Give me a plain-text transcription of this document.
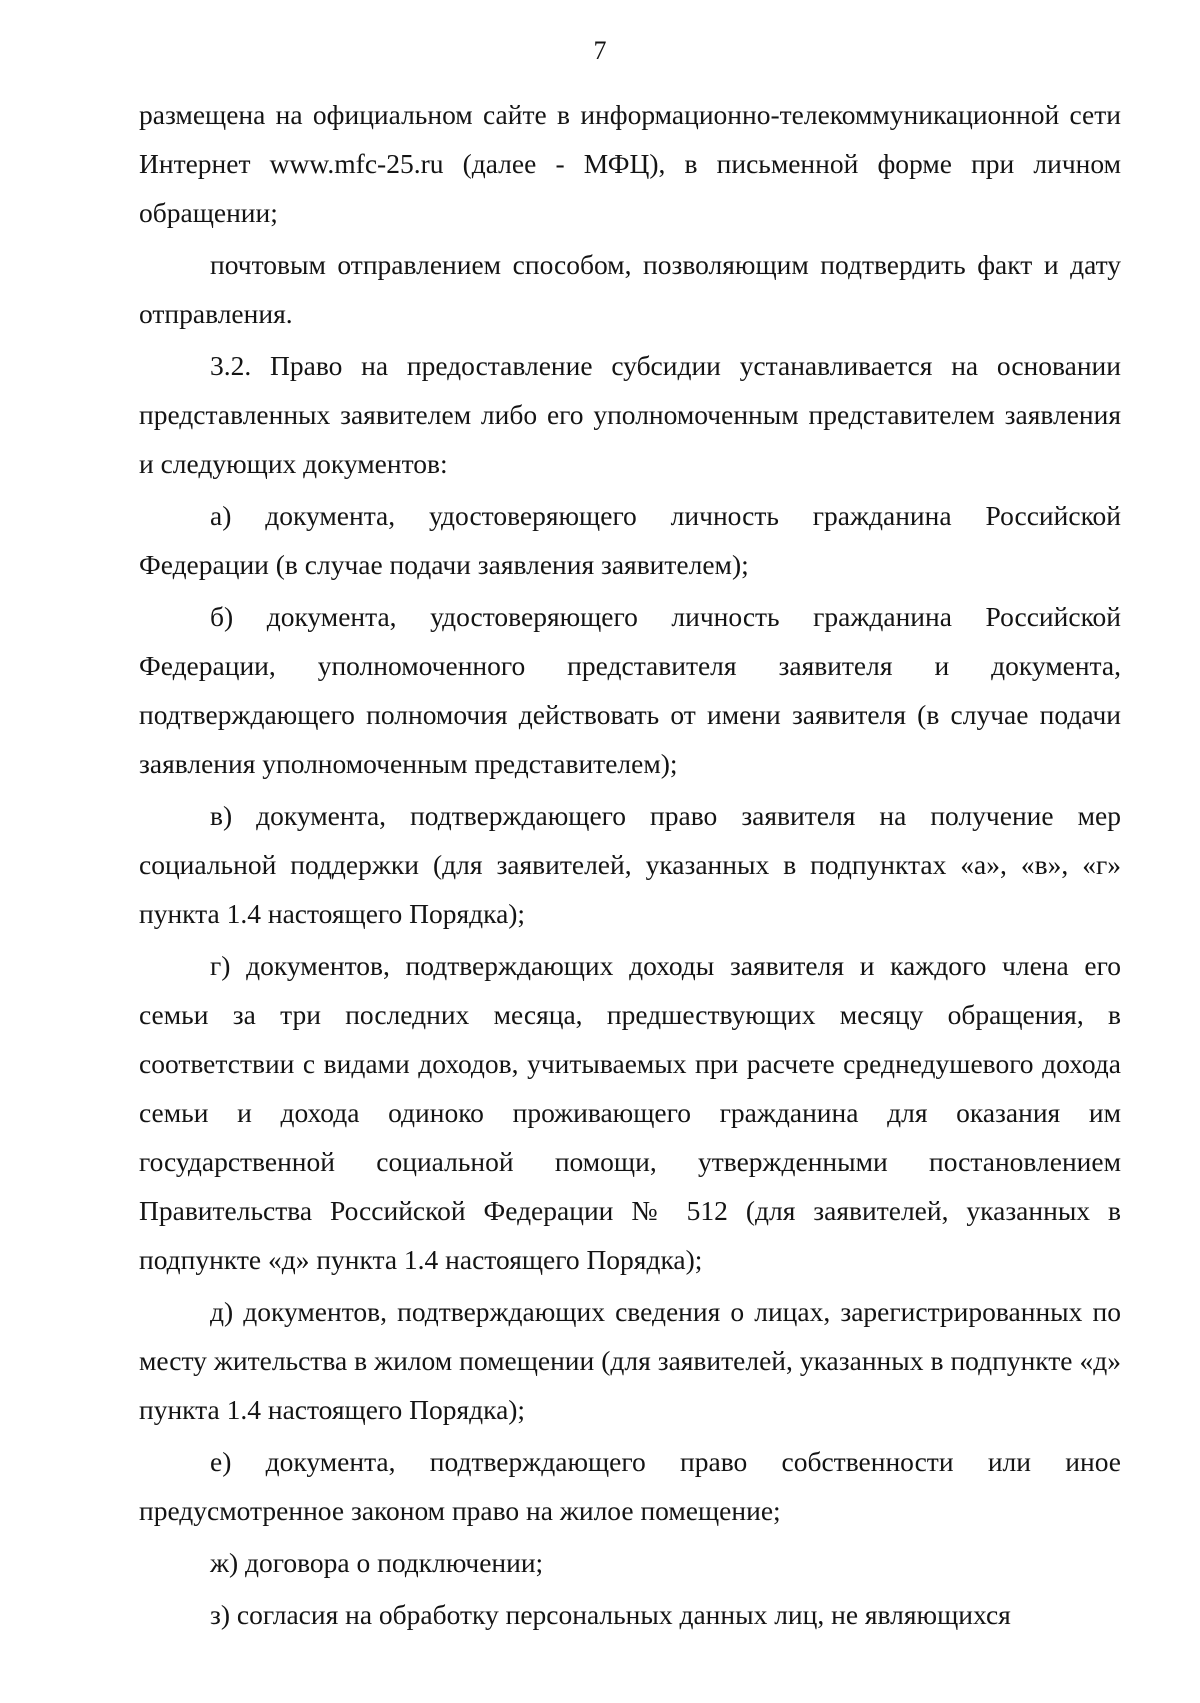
7

размещена на официальном сайте в информационно-телекоммуникационной сети Интернет www.mfc-25.ru (далее - МФЦ), в письменной форме при личном обращении;

почтовым отправлением способом, позволяющим подтвердить факт и дату отправления.

3.2. Право на предоставление субсидии устанавливается на основании представленных заявителем либо его уполномоченным представителем заявления и следующих документов:

а) документа, удостоверяющего личность гражданина Российской Федерации (в случае подачи заявления заявителем);

б) документа, удостоверяющего личность гражданина Российской Федерации, уполномоченного представителя заявителя и документа, подтверждающего полномочия действовать от имени заявителя (в случае подачи заявления уполномоченным представителем);

в) документа, подтверждающего право заявителя на получение мер социальной поддержки (для заявителей, указанных в подпунктах «а», «в», «г» пункта 1.4 настоящего Порядка);

г) документов, подтверждающих доходы заявителя и каждого члена его семьи за три последних месяца, предшествующих месяцу обращения, в соответствии с видами доходов, учитываемых при расчете среднедушевого дохода семьи и дохода одиноко проживающего гражданина для оказания им государственной социальной помощи, утвержденными постановлением Правительства Российской Федерации № 512 (для заявителей, указанных в подпункте «д» пункта 1.4 настоящего Порядка);

д) документов, подтверждающих сведения о лицах, зарегистрированных по месту жительства в жилом помещении (для заявителей, указанных в подпункте «д» пункта 1.4 настоящего Порядка);

е) документа, подтверждающего право собственности или иное предусмотренное законом право на жилое помещение;

ж) договора о подключении;

з) согласия на обработку персональных данных лиц, не являющихся
